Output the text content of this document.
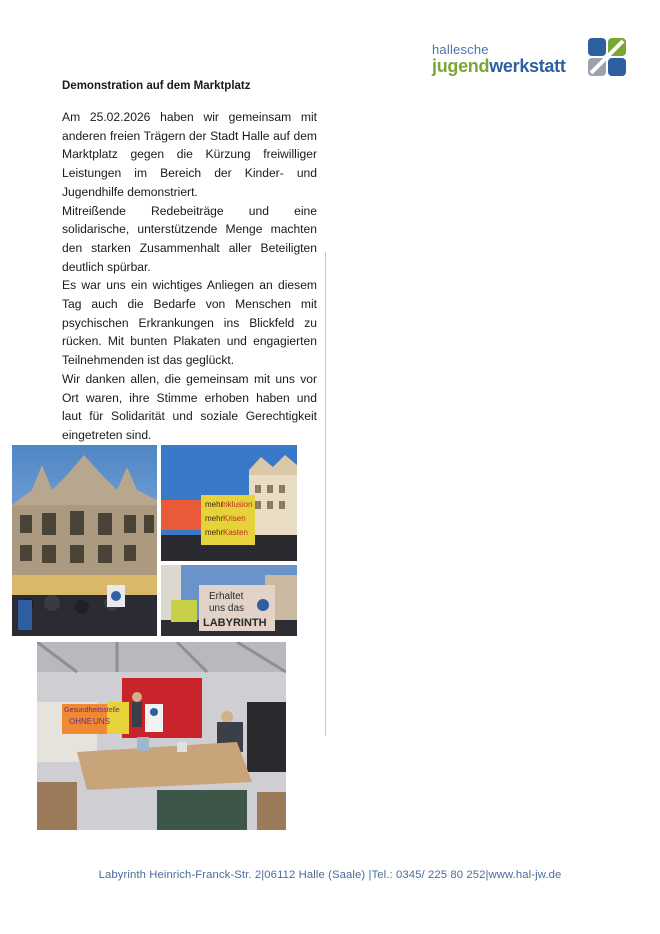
hallesche
jugendwerkstatt
Demonstration auf dem Marktplatz

Am 25.02.2026 haben wir gemeinsam mit anderen freien Trägern der Stadt Halle auf dem Marktplatz gegen die Kürzung freiwilliger Leistungen im Bereich der Kinder- und Jugendhilfe demonstriert.

Mitreißende Redebeiträge und eine solidarische, unterstützende Menge machten den starken Zusammenhalt aller Beteiligten deutlich spürbar.

Es war uns ein wichtiges Anliegen an diesem Tag auch die Bedarfe von Menschen mit psychischen Erkrankungen ins Blickfeld zu rücken. Mit bunten Plakaten und engagierten Teilnehmenden ist das geglückt.

Wir danken allen, die gemeinsam mit uns vor Ort waren, ihre Stimme erhoben haben und laut für Solidarität und soziale Gerechtigkeit eingetreten sind.

mehr
Inklusion
mehr Krisen
mehr Kasten
Erhaltet
uns das
LABYRINTH
Gesundheitsstelle
OHNE UNS
Labyrinth Heinrich-Franck-Str. 2|06112 Halle (Saale) |Tel.: 0345/ 225 80 252|www.hal-jw.de
